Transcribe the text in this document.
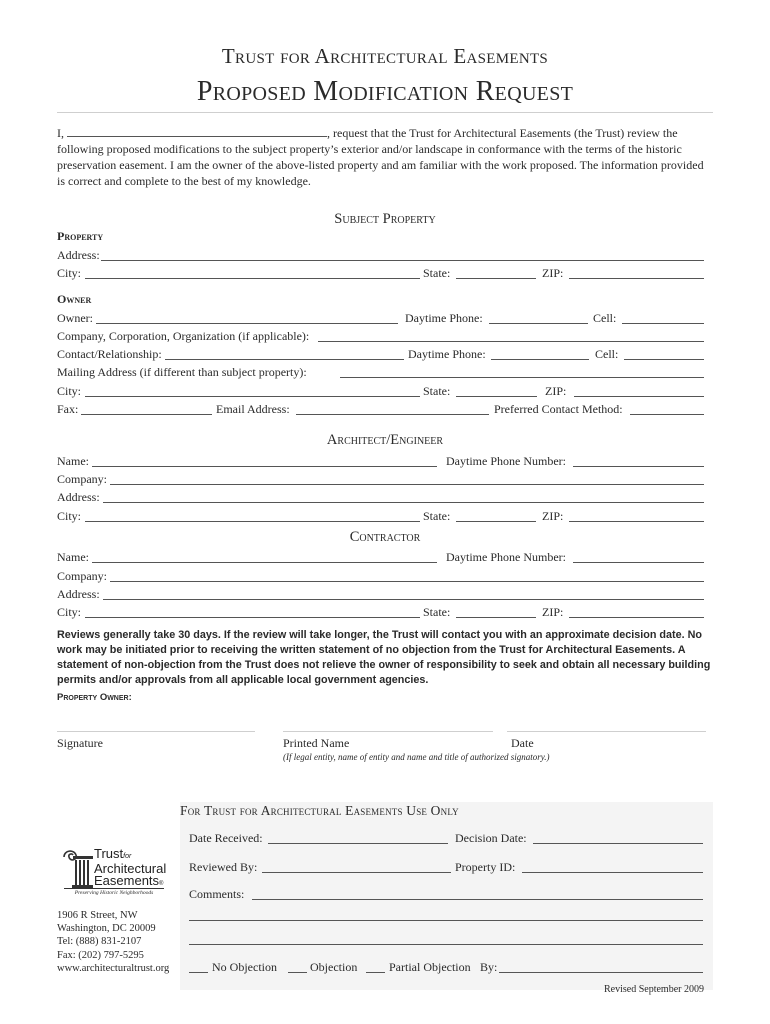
Trust for Architectural Easements
Proposed Modification Request
I,	, request that the Trust for Architectural Easements (the Trust) review the following proposed modifications to the subject property’s exterior and/or landscape in conformance with the terms of the historic preservation easement. I am the owner of the above-listed property and am familiar with the work proposed. The information provided is correct and complete to the best of my knowledge.
Subject Property
Property
Address:
City:	State:	ZIP:
Owner
Owner:	Daytime Phone:	Cell:
Company, Corporation, Organization (if applicable):
Contact/Relationship:	Daytime Phone:	Cell:
Mailing Address (if different than subject property):
City:	State:	ZIP:
Fax:	Email Address:	Preferred Contact Method:
Architect/Engineer
Name:	Daytime Phone Number:
Company:
Address:
City:	State:	ZIP:
Contractor
Name:	Daytime Phone Number:
Company:
Address:
City:	State:	ZIP:
Reviews generally take 30 days. If the review will take longer, the Trust will contact you with an approximate decision date. No work may be initiated prior to receiving the written statement of no objection from the Trust for Architectural Easements. A statement of non-objection from the Trust does not relieve the owner of responsibility to seek and obtain all necessary building permits and/or approvals from all applicable local government agencies.
Property Owner:
Signature	Printed Name	Date
(If legal entity, name of entity and name and title of authorized signatory.)
For Trust for Architectural Easements Use Only
Date Received:	Decision Date:
Reviewed By:	Property ID:
Comments:
No Objection	Objection	Partial Objection By:
Trustfor
Architectural
Easements®
Preserving Historic Neighborhoods
1906 R Street, NW
Washington, DC 20009
Tel: (888) 831-2107
Fax: (202) 797-5295
www.architecturaltrust.org
Revised September 2009
